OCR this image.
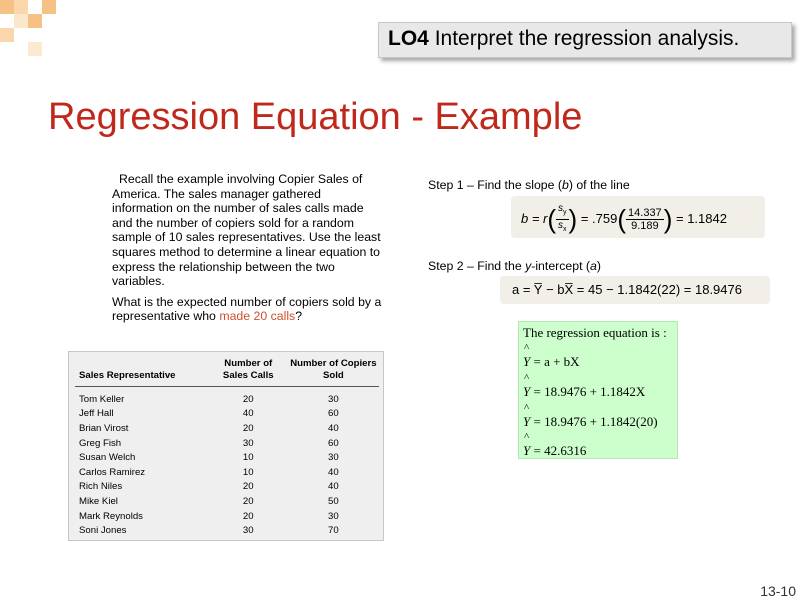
LO4 Interpret the regression analysis.
Regression Equation - Example

Recall the example involving Copier Sales of America. The sales manager gathered information on the number of sales calls made and the number of copiers sold for a random sample of 10 sales representatives. Use the least squares method to determine a linear equation to express the relationship between the two variables.

What is the expected number of copiers sold by a representative who made 20 calls?

Sales Representative	Number of Sales Calls	Number of Copiers Sold
Tom Keller	20	30
Jeff Hall	40	60
Brian Virost	20	40
Greg Fish	30	60
Susan Welch	10	30
Carlos Ramirez	10	40
Rich Niles	20	40
Mike Kiel	20	50
Mark Reynolds	20	30
Soni Jones	30	70
Step 1 – Find the slope (b) of the line
$b = r( \frac{s_y}{s_x}$ ) = $.759( \frac{14.337}{9.189}$ ) = 1.1842
Step 2 – Find the y-intercept (a)
a = Y̅ − bX̅ = 45 − 1.1842(22) = 18.9476
The regression equation is :
^ Y = a + bX
^ Y = 18.9476 + 1.1842X
^ Y = 18.9476 + 1.1842(20)
^ Y = 42.6316
13-10
